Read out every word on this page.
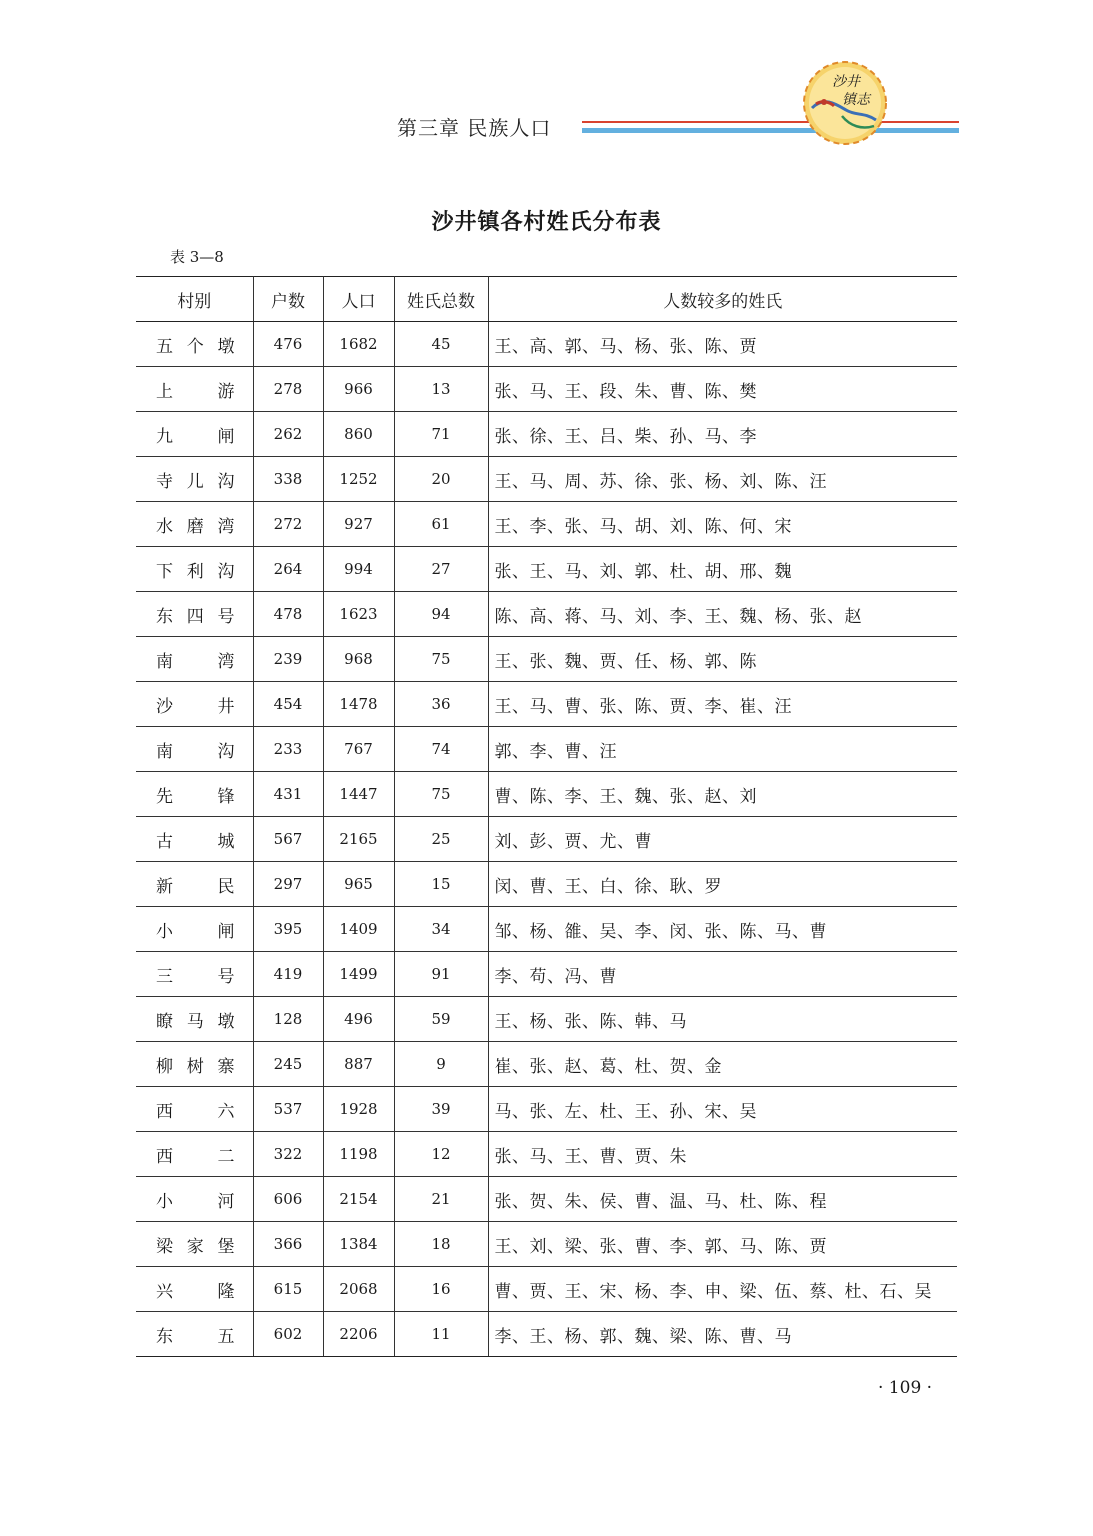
第三章 民族人口
沙井
镇志
沙井镇各村姓氏分布表
表 3—8
村别	户数	人口	姓氏总数	人数较多的姓氏

五个墩	476	1682	45	王、高、郭、马、杨、张、陈、贾

上游	278	966	13	张、马、王、段、朱、曹、陈、樊

九闸	262	860	71	张、徐、王、吕、柴、孙、马、李

寺儿沟	338	1252	20	王、马、周、苏、徐、张、杨、刘、陈、汪

水磨湾	272	927	61	王、李、张、马、胡、刘、陈、何、宋

下利沟	264	994	27	张、王、马、刘、郭、杜、胡、邢、魏

东四号	478	1623	94	陈、高、蒋、马、刘、李、王、魏、杨、张、赵

南湾	239	968	75	王、张、魏、贾、任、杨、郭、陈

沙井	454	1478	36	王、马、曹、张、陈、贾、李、崔、汪

南沟	233	767	74	郭、李、曹、汪

先锋	431	1447	75	曹、陈、李、王、魏、张、赵、刘

古城	567	2165	25	刘、彭、贾、尤、曹

新民	297	965	15	闵、曹、王、白、徐、耿、罗

小闸	395	1409	34	邹、杨、雒、吴、李、闵、张、陈、马、曹

三号	419	1499	91	李、苟、冯、曹

瞭马墩	128	496	59	王、杨、张、陈、韩、马

柳树寨	245	887	9	崔、张、赵、葛、杜、贺、金

西六	537	1928	39	马、张、左、杜、王、孙、宋、吴

西二	322	1198	12	张、马、王、曹、贾、朱

小河	606	2154	21	张、贺、朱、侯、曹、温、马、杜、陈、程

梁家堡	366	1384	18	王、刘、梁、张、曹、李、郭、马、陈、贾

兴隆	615	2068	16	曹、贾、王、宋、杨、李、申、梁、伍、蔡、杜、石、吴

东五	602	2206	11	李、王、杨、郭、魏、梁、陈、曹、马
· 109 ·
